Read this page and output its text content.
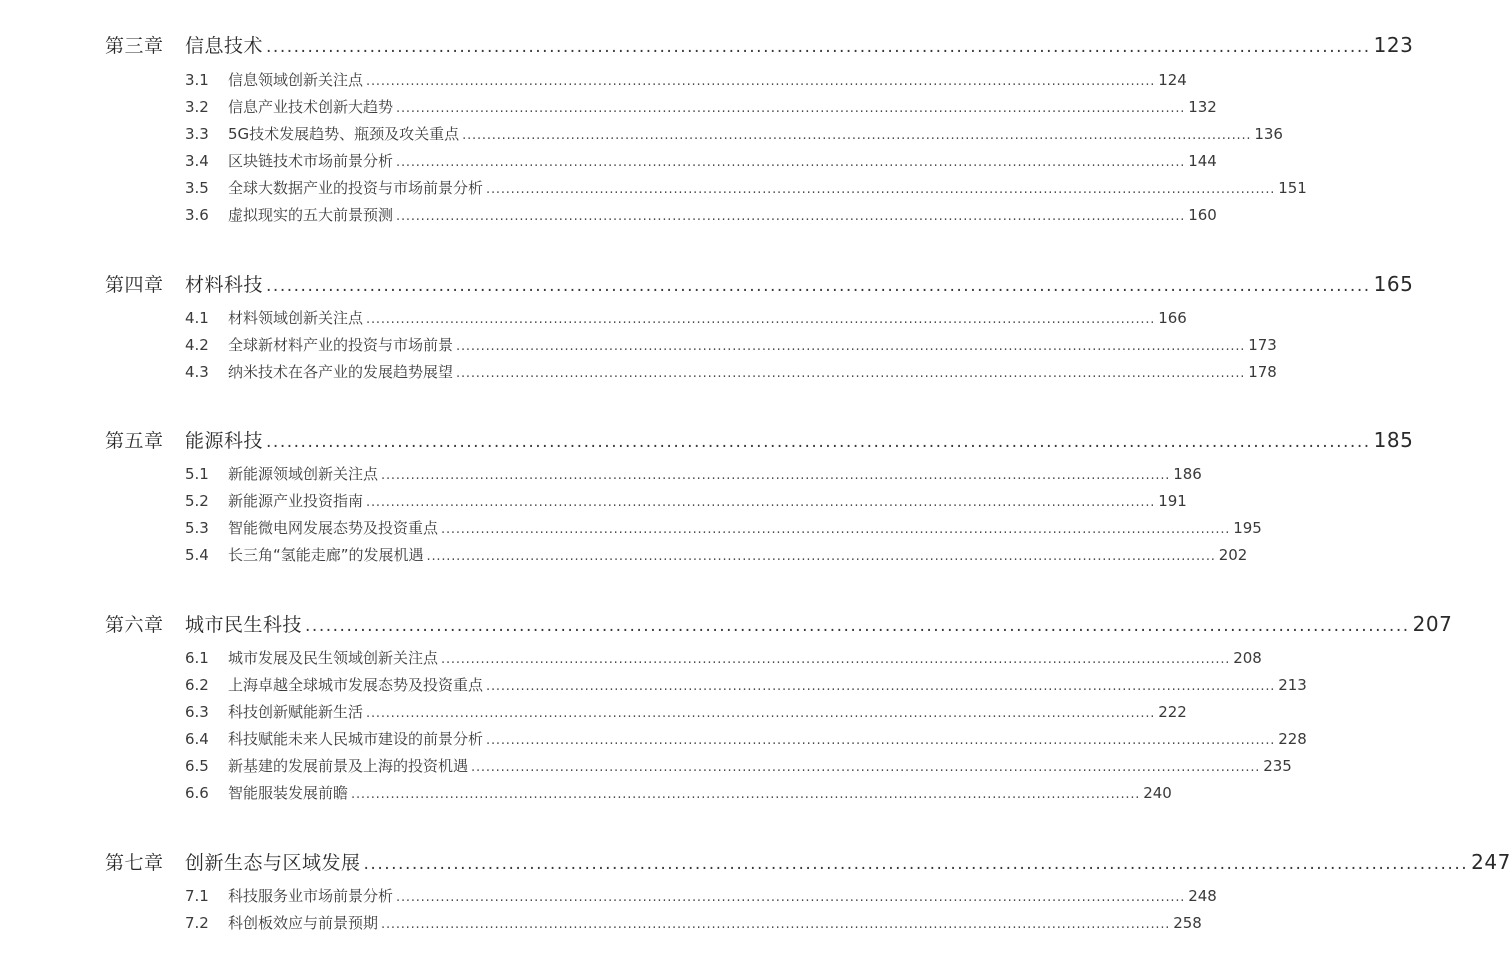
第三章	信息技术 ................................................................................................................................................................ 123
3.1	信息领域创新关注点 ................................................................................................................................................................ 124
3.2	信息产业技术创新大趋势 ................................................................................................................................................................ 132
3.3	5G技术发展趋势、瓶颈及攻关重点 ................................................................................................................................................................ 136
3.4	区块链技术市场前景分析 ................................................................................................................................................................ 144
3.5	全球大数据产业的投资与市场前景分析 ................................................................................................................................................................ 151
3.6	虚拟现实的五大前景预测 ................................................................................................................................................................ 160
第四章	材料科技 ................................................................................................................................................................ 165
4.1	材料领域创新关注点 ................................................................................................................................................................ 166
4.2	全球新材料产业的投资与市场前景 ................................................................................................................................................................ 173
4.3	纳米技术在各产业的发展趋势展望 ................................................................................................................................................................ 178
第五章	能源科技 ................................................................................................................................................................ 185
5.1	新能源领域创新关注点 ................................................................................................................................................................ 186
5.2	新能源产业投资指南 ................................................................................................................................................................ 191
5.3	智能微电网发展态势及投资重点 ................................................................................................................................................................ 195
5.4	长三角“氢能走廊”的发展机遇 ................................................................................................................................................................ 202
第六章	城市民生科技 ................................................................................................................................................................ 207
6.1	城市发展及民生领域创新关注点 ................................................................................................................................................................ 208
6.2	上海卓越全球城市发展态势及投资重点 ................................................................................................................................................................ 213
6.3	科技创新赋能新生活 ................................................................................................................................................................ 222
6.4	科技赋能未来人民城市建设的前景分析 ................................................................................................................................................................ 228
6.5	新基建的发展前景及上海的投资机遇 ................................................................................................................................................................ 235
6.6	智能服装发展前瞻 ................................................................................................................................................................ 240
第七章	创新生态与区域发展 ................................................................................................................................................................ 247
7.1	科技服务业市场前景分析 ................................................................................................................................................................ 248
7.2	科创板效应与前景预期 ................................................................................................................................................................ 258
